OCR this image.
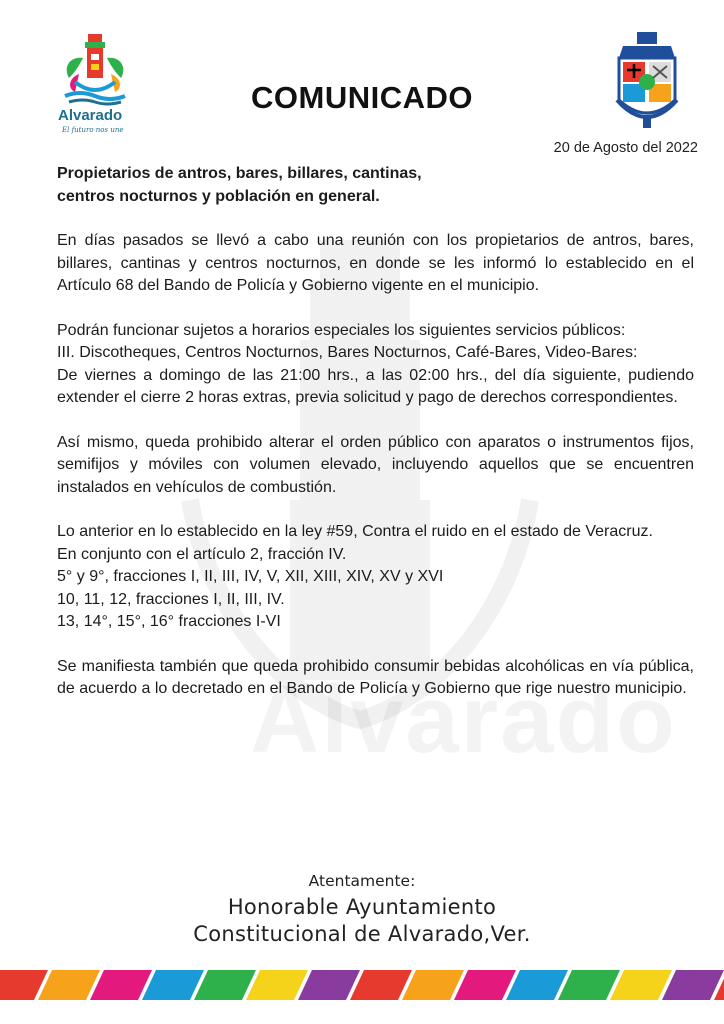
Alvarado
El futuro nos une
COMUNICADO
20 de Agosto del 2022
Propietarios de antros, bares, billares, cantinas,
centros nocturnos y población en general.

En días pasados se llevó a cabo una reunión con los propietarios de antros, bares, billares, cantinas y centros nocturnos, en donde se les informó lo establecido en el Artículo 68 del Bando de Policía y Gobierno vigente en el municipio.

Podrán funcionar sujetos a horarios especiales los siguientes servicios públicos:
III. Discotheques, Centros Nocturnos, Bares Nocturnos, Café-Bares, Video-Bares:
De viernes a domingo de las 21:00 hrs., a las 02:00 hrs., del día siguiente, pudiendo extender el cierre 2 horas extras, previa solicitud y pago de derechos correspondientes.

Así mismo, queda prohibido alterar el orden público con aparatos o instrumentos fijos, semifijos y móviles con volumen elevado, incluyendo aquellos que se encuentren instalados en vehículos de combustión.

Lo anterior en lo establecido en la ley #59, Contra el ruido en el estado de Veracruz.
En conjunto con el artículo 2, fracción IV.
5° y 9°, fracciones I, II, III, IV, V, XII, XIII, XIV, XV y XVI
10, 11, 12, fracciones I, II, III, IV.
13, 14°, 15°, 16° fracciones I-VI

Se manifiesta también que queda prohibido consumir bebidas alcohólicas en vía pública, de acuerdo a lo decretado en el Bando de Policía y Gobierno que rige nuestro municipio.

Atentamente:
Honorable Ayuntamiento
Constitucional de Alvarado,Ver.
